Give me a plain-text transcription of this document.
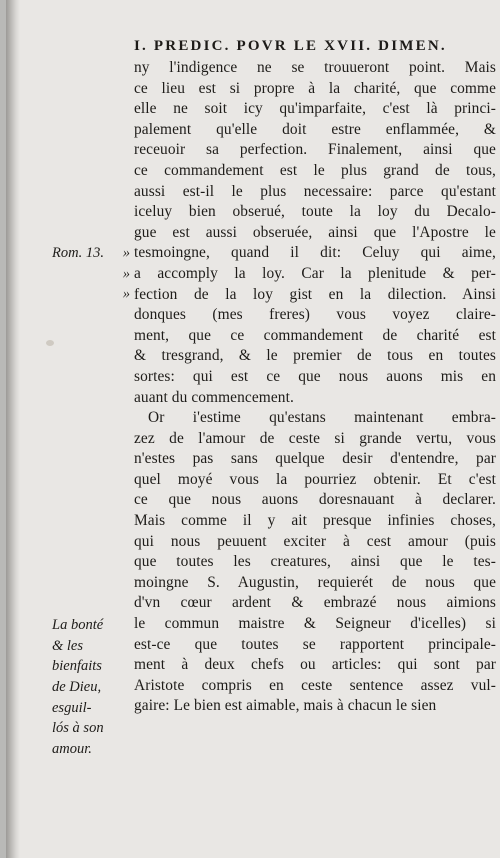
I. PREDIC. POVR LE XVII. DIMEN.
Rom. 13.	»
»
»
La bonté
& les
bienfaits
de Dieu,
esguil-
lós à son
amour.
ny l'indigence ne se trouueront point. Mais
ce lieu est si propre à la charité, que comme
elle ne soit icy qu'imparfaite, c'est là princi-
palement qu'elle doit estre enflammée, &
receuoir sa perfection. Finalement, ainsi que
ce commandement est le plus grand de tous,
aussi est-il le plus necessaire: parce qu'estant
iceluy bien obserué, toute la loy du Decalo-
gue est aussi obseruée, ainsi que l'Apostre le
tesmoingne, quand il dit: Celuy qui aime,
a accomply la loy. Car la plenitude & per-
fection de la loy gist en la dilection. Ainsi
donques (mes freres) vous voyez claire-
ment, que ce commandement de charité est
& tresgrand, & le premier de tous en toutes
sortes: qui est ce que nous auons mis en
auant du commencement.
Or i'estime qu'estans maintenant embra-
zez de l'amour de ceste si grande vertu, vous
n'estes pas sans quelque desir d'entendre, par
quel moyé vous la pourriez obtenir. Et c'est
ce que nous auons doresnauant à declarer.
Mais comme il y ait presque infinies choses,
qui nous peuuent exciter à cest amour (puis
que toutes les creatures, ainsi que le tes-
moingne S. Augustin, requierét de nous que
d'vn cœur ardent & embrazé nous aimions
le commun maistre & Seigneur d'icelles) si
est-ce que toutes se rapportent principale-
ment à deux chefs ou articles: qui sont par
Aristote compris en ceste sentence assez vul-
gaire: Le bien est aimable, mais à chacun le sien
